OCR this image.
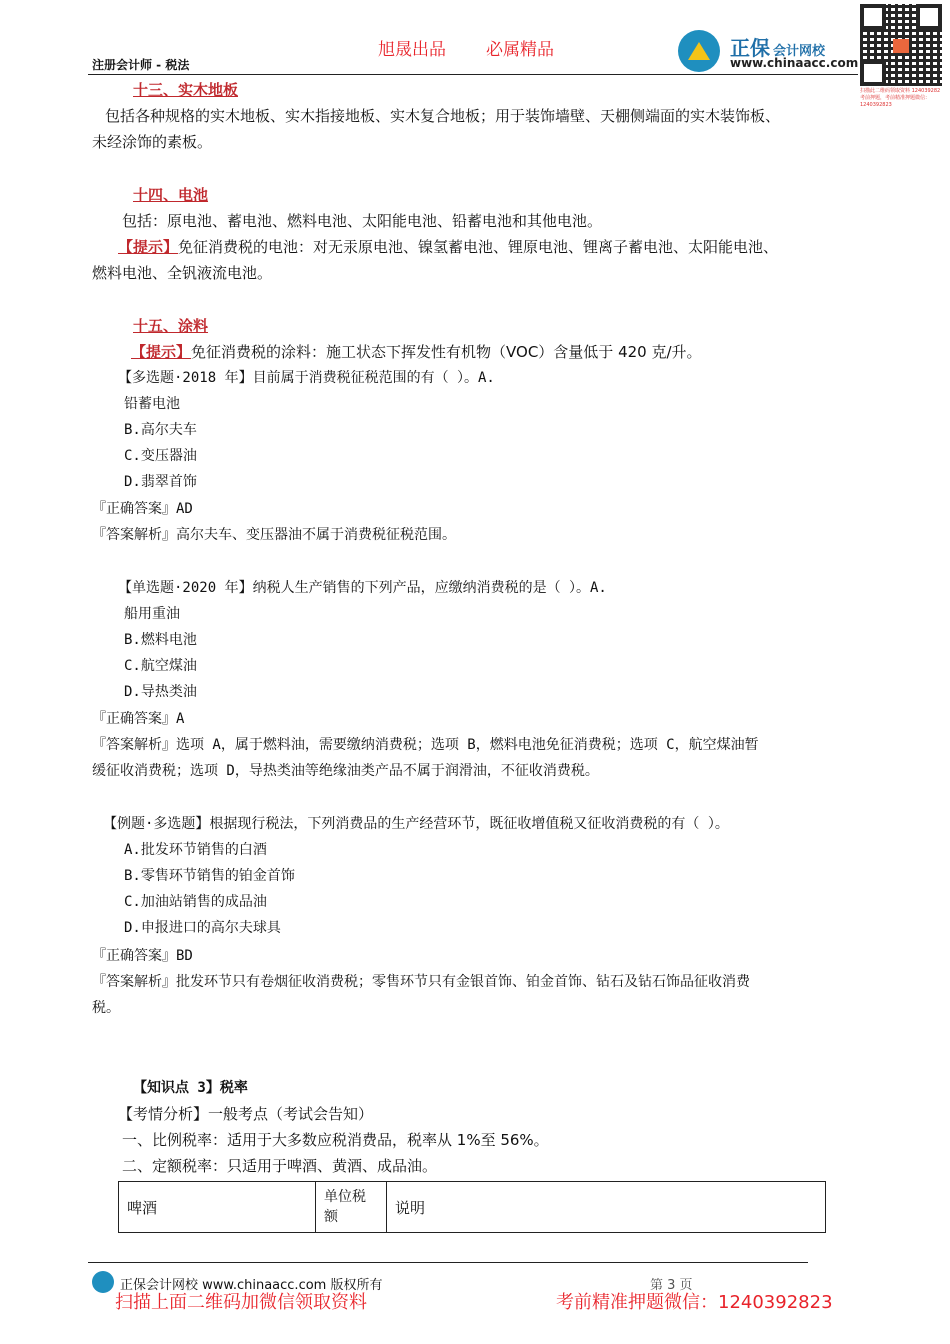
旭晟出品 必属精品
注册会计师 - 税法
正保 会计网校
www.chinaacc.com
扫描此二维码领取资料 124039282 考前押题，考前精准押题微信：1240392823
十三、实木地板
包括各种规格的实木地板、实木指接地板、实木复合地板；用于装饰墙壁、天棚侧端面的实木装饰板、
未经涂饰的素板。
十四、电池
包括：原电池、蓄电池、燃料电池、太阳能电池、铅蓄电池和其他电池。
【提示】免征消费税的电池：对无汞原电池、镍氢蓄电池、锂原电池、锂离子蓄电池、太阳能电池、
燃料电池、全钒液流电池。
十五、涂料
【提示】免征消费税的涂料：施工状态下挥发性有机物（VOC）含量低于 420 克/升。
【多选题·2018 年】目前属于消费税征税范围的有（ ）。A.
铅蓄电池
B.高尔夫车
C.变压器油
D.翡翠首饰
『正确答案』AD
『答案解析』高尔夫车、变压器油不属于消费税征税范围。
【单选题·2020 年】纳税人生产销售的下列产品，应缴纳消费税的是（ ）。A.
船用重油
B.燃料电池
C.航空煤油
D.导热类油
『正确答案』A
『答案解析』选项 A，属于燃料油，需要缴纳消费税；选项 B，燃料电池免征消费税；选项 C，航空煤油暂
缓征收消费税；选项 D，导热类油等绝缘油类产品不属于润滑油，不征收消费税。
【例题·多选题】根据现行税法，下列消费品的生产经营环节，既征收增值税又征收消费税的有（ ）。
A.批发环节销售的白酒
B.零售环节销售的铂金首饰
C.加油站销售的成品油
D.申报进口的高尔夫球具
『正确答案』BD
『答案解析』批发环节只有卷烟征收消费税；零售环节只有金银首饰、铂金首饰、钻石及钻石饰品征收消费
税。
【知识点 3】税率
【考情分析】一般考点（考试会告知）
一、比例税率：适用于大多数应税消费品，税率从 1%至 56%。
二、定额税率：只适用于啤酒、黄酒、成品油。
啤酒	单位税额	说明
正保会计网校 www.chinaacc.com 版权所有	第 3 页
扫描上面二维码加微信领取资料	考前精准押题微信：1240392823
